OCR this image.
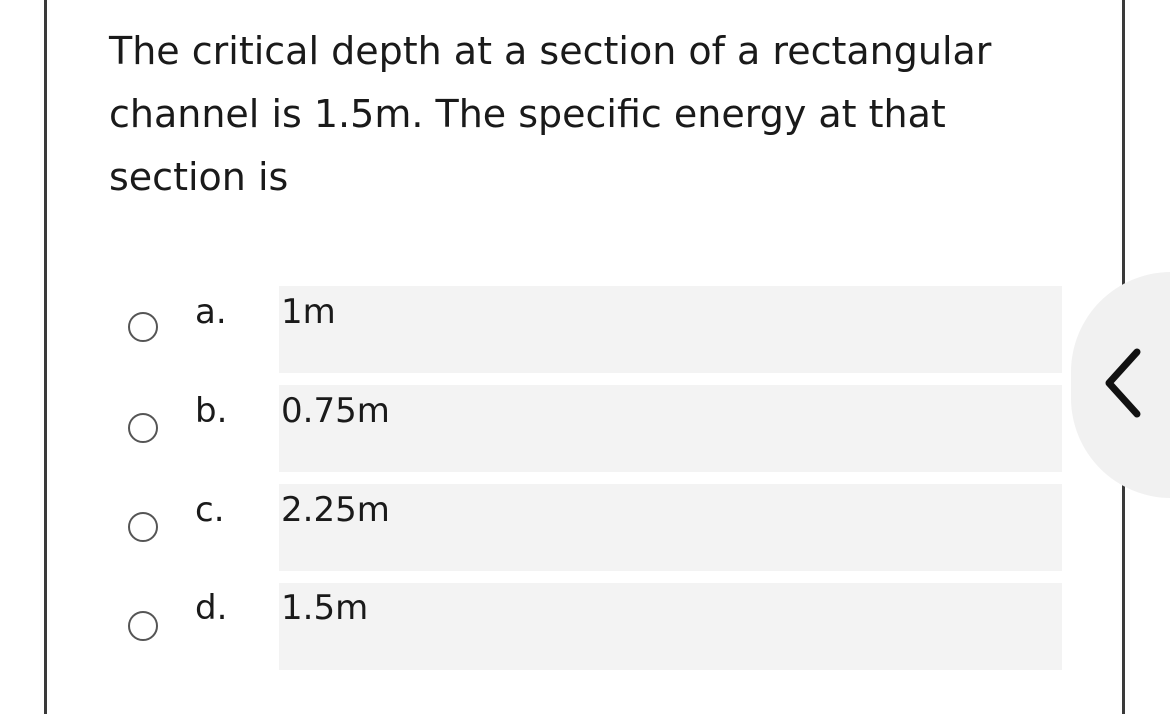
The critical depth at a section of a rectangular channel is 1.5m. The specific energy at that section is

a. 1m
b. 0.75m
c. 2.25m
d. 1.5m
